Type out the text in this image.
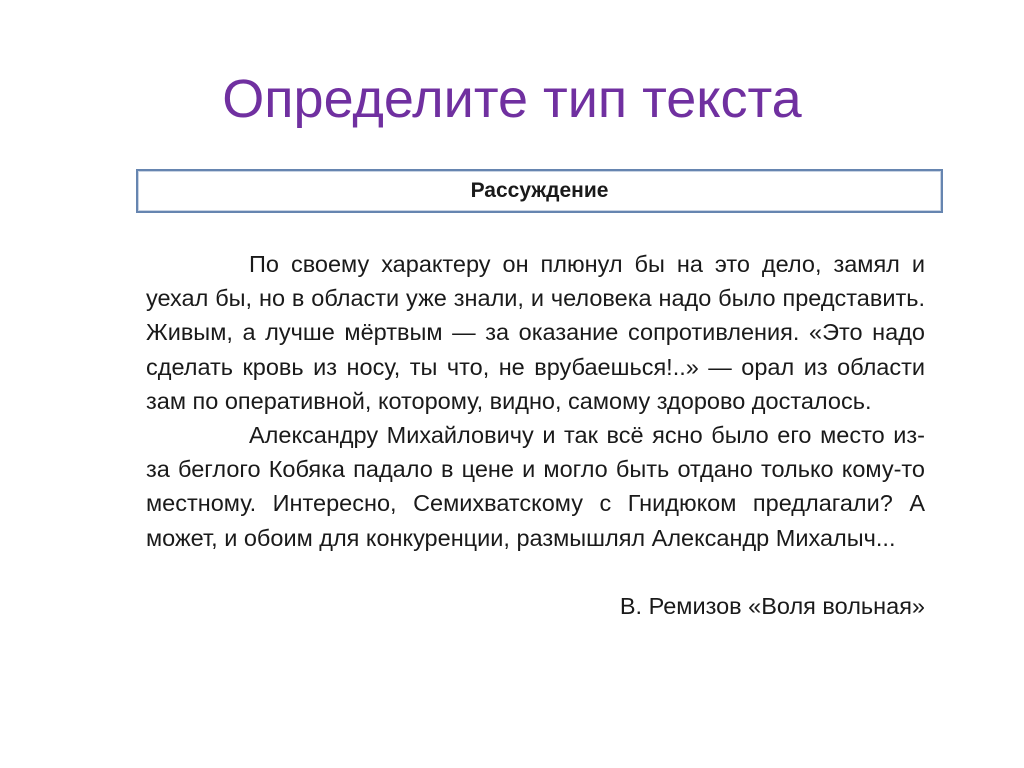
Определите тип текста
Рассуждение

По своему характеру он плюнул бы на это дело, замял и уехал бы, но в области уже знали, и человека надо было представить. Живым, а лучше мёртвым — за оказание сопротивления. «Это надо сделать кровь из носу, ты что, не врубаешься!..» — орал из области зам по оперативной, которому, видно, самому здорово досталось.

Александру Михайловичу и так всё ясно было его место из-за беглого Кобяка падало в цене и могло быть отдано только кому-то местному. Интересно, Семихватскому с Гнидюком предлагали? А может, и обоим для конкуренции, размышлял Александр Михалыч...

В. Ремизов «Воля вольная»
